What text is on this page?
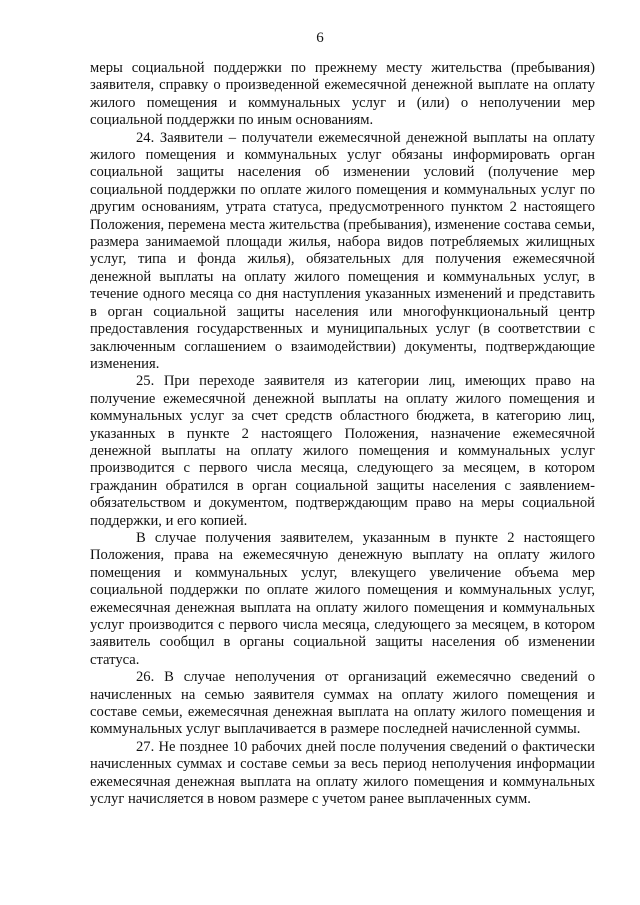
6

меры социальной поддержки по прежнему месту жительства (пребывания) заявителя, справку о произведенной ежемесячной денежной выплате на оплату жилого помещения и коммунальных услуг и (или) о неполучении мер социальной поддержки по иным основаниям.

24. Заявители – получатели ежемесячной денежной выплаты на оплату жилого помещения и коммунальных услуг обязаны информировать орган социальной защиты населения об изменении условий (получение мер социальной поддержки по оплате жилого помещения и коммунальных услуг по другим основаниям, утрата статуса, предусмотренного пунктом 2 настоящего Положения, перемена места жительства (пребывания), изменение состава семьи, размера занимаемой площади жилья, набора видов потребляемых жилищных услуг, типа и фонда жилья), обязательных для получения ежемесячной денежной выплаты на оплату жилого помещения и коммунальных услуг, в течение одного месяца со дня наступления указанных изменений и представить в орган социальной защиты населения или многофункциональный центр предоставления государственных и муниципальных услуг (в соответствии с заключенным соглашением о взаимодействии) документы, подтверждающие изменения.

25. При переходе заявителя из категории лиц, имеющих право на получение ежемесячной денежной выплаты на оплату жилого помещения и коммунальных услуг за счет средств областного бюджета, в категорию лиц, указанных в пункте 2 настоящего Положения, назначение ежемесячной денежной выплаты на оплату жилого помещения и коммунальных услуг производится с первого числа месяца, следующего за месяцем, в котором гражданин обратился в орган социальной защиты населения с заявлением-обязательством и документом, подтверждающим право на меры социальной поддержки, и его копией.

В случае получения заявителем, указанным в пункте 2 настоящего Положения, права на ежемесячную денежную выплату на оплату жилого помещения и коммунальных услуг, влекущего увеличение объема мер социальной поддержки по оплате жилого помещения и коммунальных услуг, ежемесячная денежная выплата на оплату жилого помещения и коммунальных услуг производится с первого числа месяца, следующего за месяцем, в котором заявитель сообщил в органы социальной защиты населения об изменении статуса.

26. В случае неполучения от организаций ежемесячно сведений о начисленных на семью заявителя суммах на оплату жилого помещения и составе семьи, ежемесячная денежная выплата на оплату жилого помещения и коммунальных услуг выплачивается в размере последней начисленной суммы.

27. Не позднее 10 рабочих дней после получения сведений о фактически начисленных суммах и составе семьи за весь период неполучения информации ежемесячная денежная выплата на оплату жилого помещения и коммунальных услуг начисляется в новом размере с учетом ранее выплаченных сумм.
